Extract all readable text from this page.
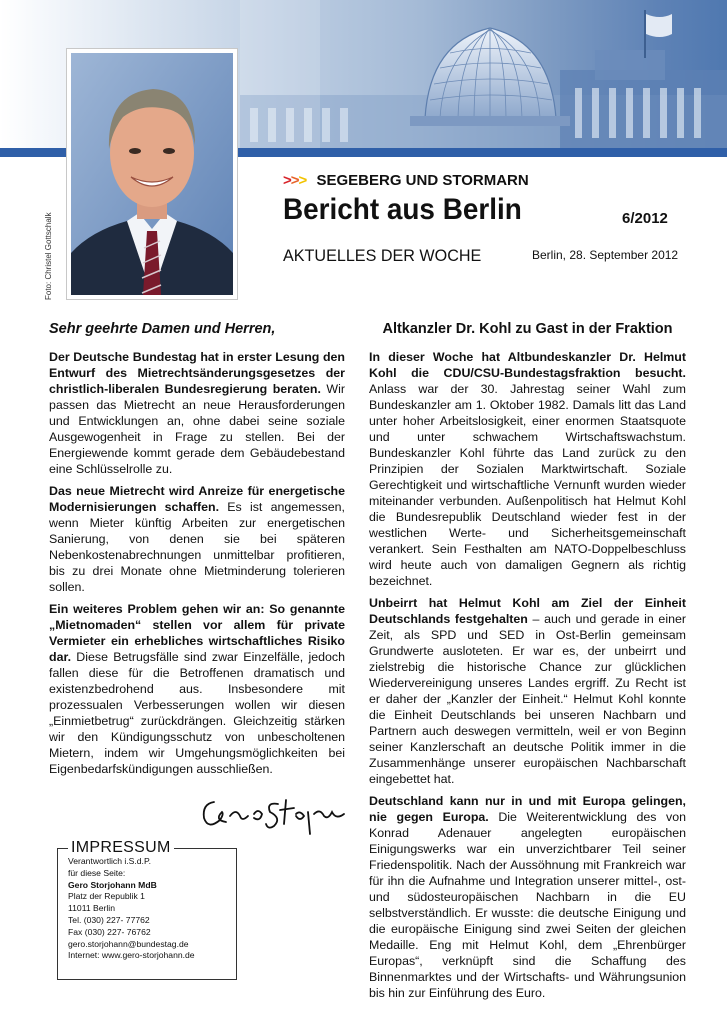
Foto: Christel Gottschalk
>>> SEGEBERG UND STORMARN
Bericht aus Berlin	6/2012
AKTUELLES DER WOCHE	Berlin, 28. September 2012
Sehr geehrte Damen und Herren,

Der Deutsche Bundestag hat in erster Lesung den Entwurf des Mietrechtsänderungsgesetzes der christlich-liberalen Bundesregierung beraten. Wir passen das Mietrecht an neue Herausforderungen und Entwicklungen an, ohne dabei seine soziale Ausgewogenheit in Frage zu stellen. Bei der Energiewende kommt gerade dem Gebäudebestand eine Schlüsselrolle zu.

Das neue Mietrecht wird Anreize für energetische Modernisierungen schaffen. Es ist angemessen, wenn Mieter künftig Arbeiten zur energetischen Sanierung, von denen sie bei späteren Nebenkostenabrechnungen unmittelbar profitieren, bis zu drei Monate ohne Mietminderung tolerieren sollen.

Ein weiteres Problem gehen wir an: So genannte „Mietnomaden“ stellen vor allem für private Vermieter ein erhebliches wirtschaftliches Risiko dar. Diese Betrugsfälle sind zwar Einzelfälle, jedoch fallen diese für die Betroffenen dramatisch und existenzbedrohend aus. Insbesondere mit prozessualen Verbesserungen wollen wir diesen „Einmietbetrug“ zurückdrängen. Gleichzeitig stärken wir den Kündigungsschutz von unbescholtenen Mietern, indem wir Umgehungsmöglichkeiten bei Eigenbedarfskündigungen ausschließen.

IMPRESSUM
Verantwortlich i.S.d.P.
für diese Seite:
Gero Storjohann MdB
Platz der Republik 1
11011 Berlin
Tel. (030) 227- 77762
Fax (030) 227- 76762
gero.storjohann@bundestag.de
Internet: www.gero-storjohann.de
Altkanzler Dr. Kohl zu Gast in der Fraktion

In dieser Woche hat Altbundeskanzler Dr. Helmut Kohl die CDU/CSU-Bundestagsfraktion besucht. Anlass war der 30. Jahrestag seiner Wahl zum Bundeskanzler am 1. Oktober 1982. Damals litt das Land unter hoher Arbeitslosigkeit, einer enormen Staatsquote und unter schwachem Wirtschaftswachstum. Bundeskanzler Kohl führte das Land zurück zu den Prinzipien der Sozialen Marktwirtschaft. Soziale Gerechtigkeit und wirtschaftliche Vernunft wurden wieder miteinander verbunden. Außenpolitisch hat Helmut Kohl die Bundesrepublik Deutschland wieder fest in der westlichen Werte- und Sicherheitsgemeinschaft verankert. Sein Festhalten am NATO-Doppelbeschluss wird heute auch von damaligen Gegnern als richtig bezeichnet.

Unbeirrt hat Helmut Kohl am Ziel der Einheit Deutschlands festgehalten – auch und gerade in einer Zeit, als SPD und SED in Ost-Berlin gemeinsam Grundwerte ausloteten. Er war es, der unbeirrt und zielstrebig die historische Chance zur glücklichen Wiedervereinigung unseres Landes ergriff. Zu Recht ist er daher der „Kanzler der Einheit.“ Helmut Kohl konnte die Einheit Deutschlands bei unseren Nachbarn und Partnern auch deswegen vermitteln, weil er von Beginn seiner Kanzlerschaft an deutsche Politik immer in die Zusammenhänge unserer europäischen Nachbarschaft eingebettet hat.

Deutschland kann nur in und mit Europa gelingen, nie gegen Europa. Die Weiterentwicklung des von Konrad Adenauer angelegten europäischen Einigungswerks war ein unverzichtbarer Teil seiner Friedenspolitik. Nach der Aussöhnung mit Frankreich war für ihn die Aufnahme und Integration unserer mittel-, ost- und südosteuropäischen Nachbarn in die EU selbstverständlich. Er wusste: die deutsche Einigung und die europäische Einigung sind zwei Seiten der gleichen Medaille. Eng mit Helmut Kohl, dem „Ehrenbürger Europas“, verknüpft sind die Schaffung des Binnenmarktes und der Wirtschafts- und Währungsunion bis hin zur Einführung des Euro.
